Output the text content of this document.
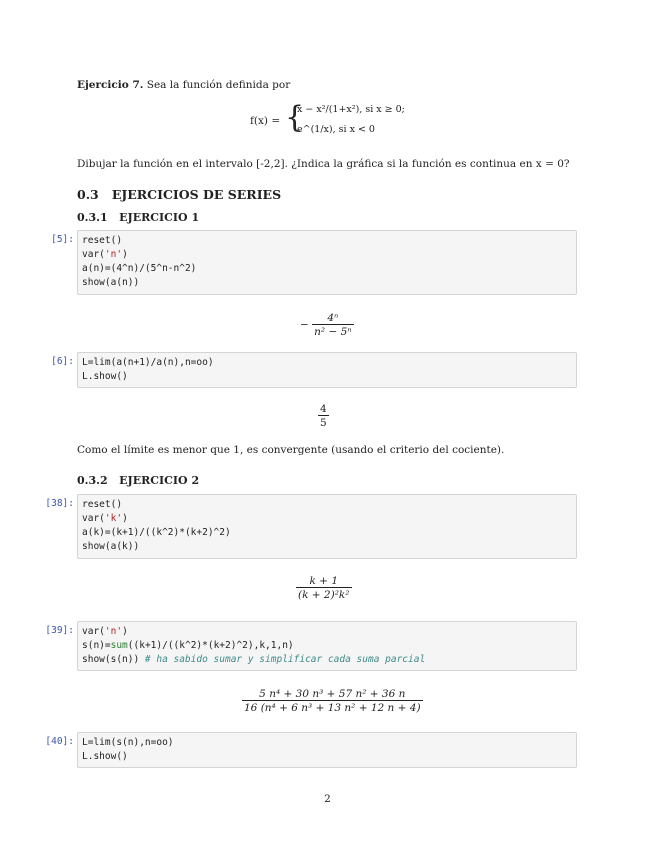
Ejercicio 7. Sea la función definida por
f(x) = {
x − x²/(1+x²), si x ≥ 0;
e^(1/x), si x < 0
Dibujar la función en el intervalo [-2,2]. ¿Indica la gráfica si la función es continua en x = 0?
0.3 EJERCICIOS DE SERIES
0.3.1 EJERCICIO 1
[5]: reset()
var('n')
a(n)=(4^n)/(5^n-n^2)
show(a(n))
− $\frac{\text{4ⁿ}}{\text{n² − 5ⁿ}}$
[6]: L=lim(a(n+1)/a(n),n=oo)
L.show()
$\frac{4}{5}$
Como el límite es menor que 1, es convergente (usando el criterio del cociente).
0.3.2 EJERCICIO 2
[38]: reset()
var('k')
a(k)=(k+1)/((k^2)*(k+2)^2)
show(a(k))
$\frac{k + 1}{\text{(k + 2)²k²}}$
[39]: var('n')
s(n)=sum((k+1)/((k^2)*(k+2)^2),k,1,n)
show(s(n)) # ha sabido sumar y simplificar cada suma parcial
$\frac{\text{5 n⁴ + 30 n³ + 57 n² + 36 n}}{\text{16 (n⁴ + 6 n³ + 13 n² + 12 n + 4)}}$
[40]: L=lim(s(n),n=oo)
L.show()
2
